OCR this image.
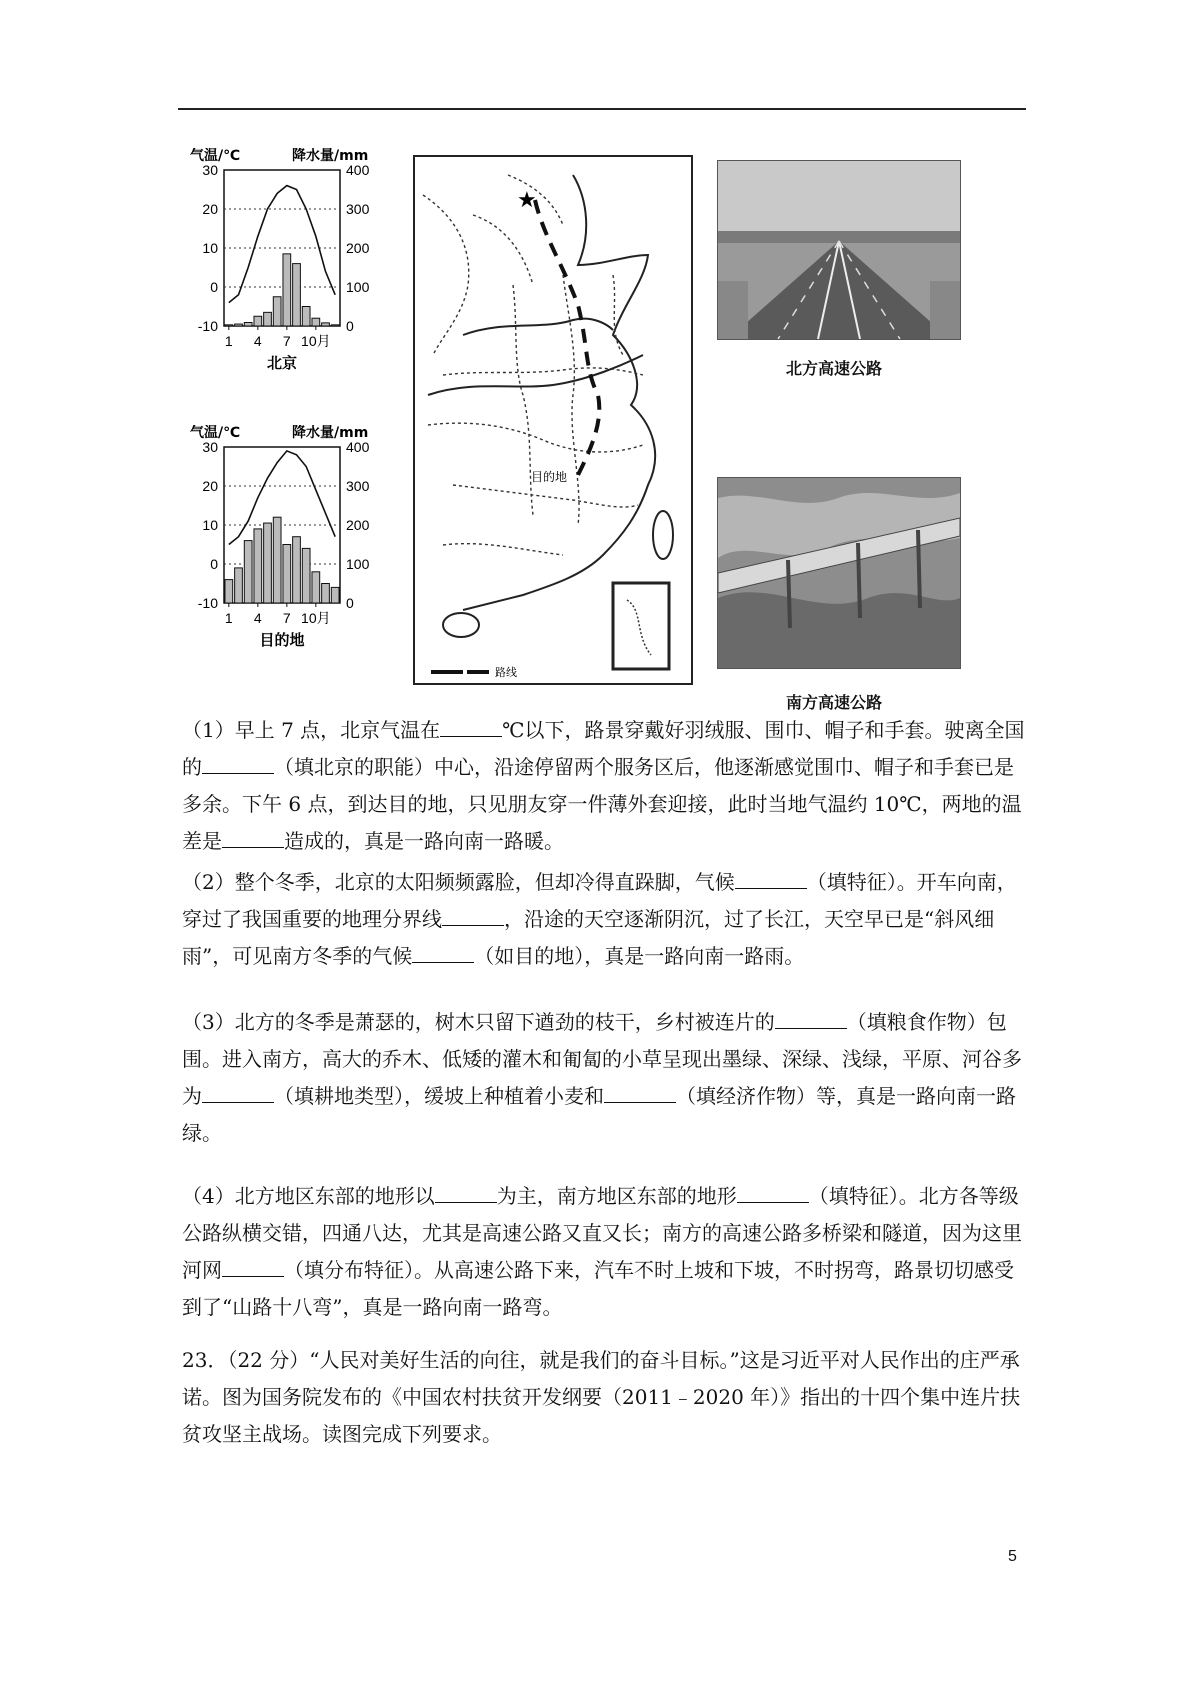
气温/℃	降水量/mm
30
20
10
0
-10
400
300
200
100
0
1 4 7 10月
北京
气温/℃	降水量/mm
30
20
10
0
-10
400
300
200
100
0
1 4 7 10月
目的地
★
目的地
路线
北方高速公路
南方高速公路

（1）早上 7 点，北京气温在	℃以下，路景穿戴好羽绒服、围巾、帽子和手套。驶离全国的	（填北京的职能）中心，沿途停留两个服务区后，他逐渐感觉围巾、帽子和手套已是多余。下午 6 点，到达目的地，只见朋友穿一件薄外套迎接，此时当地气温约 10℃，两地的温差是	造成的，真是一路向南一路暖。

（2）整个冬季，北京的太阳频频露脸，但却冷得直跺脚，气候	（填特征）。开车向南，穿过了我国重要的地理分界线	，沿途的天空逐渐阴沉，过了长江，天空早已是“斜风细雨”，可见南方冬季的气候	（如目的地），真是一路向南一路雨。

（3）北方的冬季是萧瑟的，树木只留下遒劲的枝干，乡村被连片的	（填粮食作物）包围。进入南方，高大的乔木、低矮的灌木和匍匐的小草呈现出墨绿、深绿、浅绿，平原、河谷多为	（填耕地类型），缓坡上种植着小麦和	（填经济作物）等，真是一路向南一路绿。

（4）北方地区东部的地形以	为主，南方地区东部的地形	（填特征）。北方各等级公路纵横交错，四通八达，尤其是高速公路又直又长；南方的高速公路多桥梁和隧道，因为这里河网	（填分布特征）。从高速公路下来，汽车不时上坡和下坡，不时拐弯，路景切切感受到了“山路十八弯”，真是一路向南一路弯。

23．（22 分）“人民对美好生活的向往，就是我们的奋斗目标。”这是习近平对人民作出的庄严承诺。图为国务院发布的《中国农村扶贫开发纲要（2011﹣2020 年）》指出的十四个集中连片扶贫攻坚主战场。读图完成下列要求。

5
